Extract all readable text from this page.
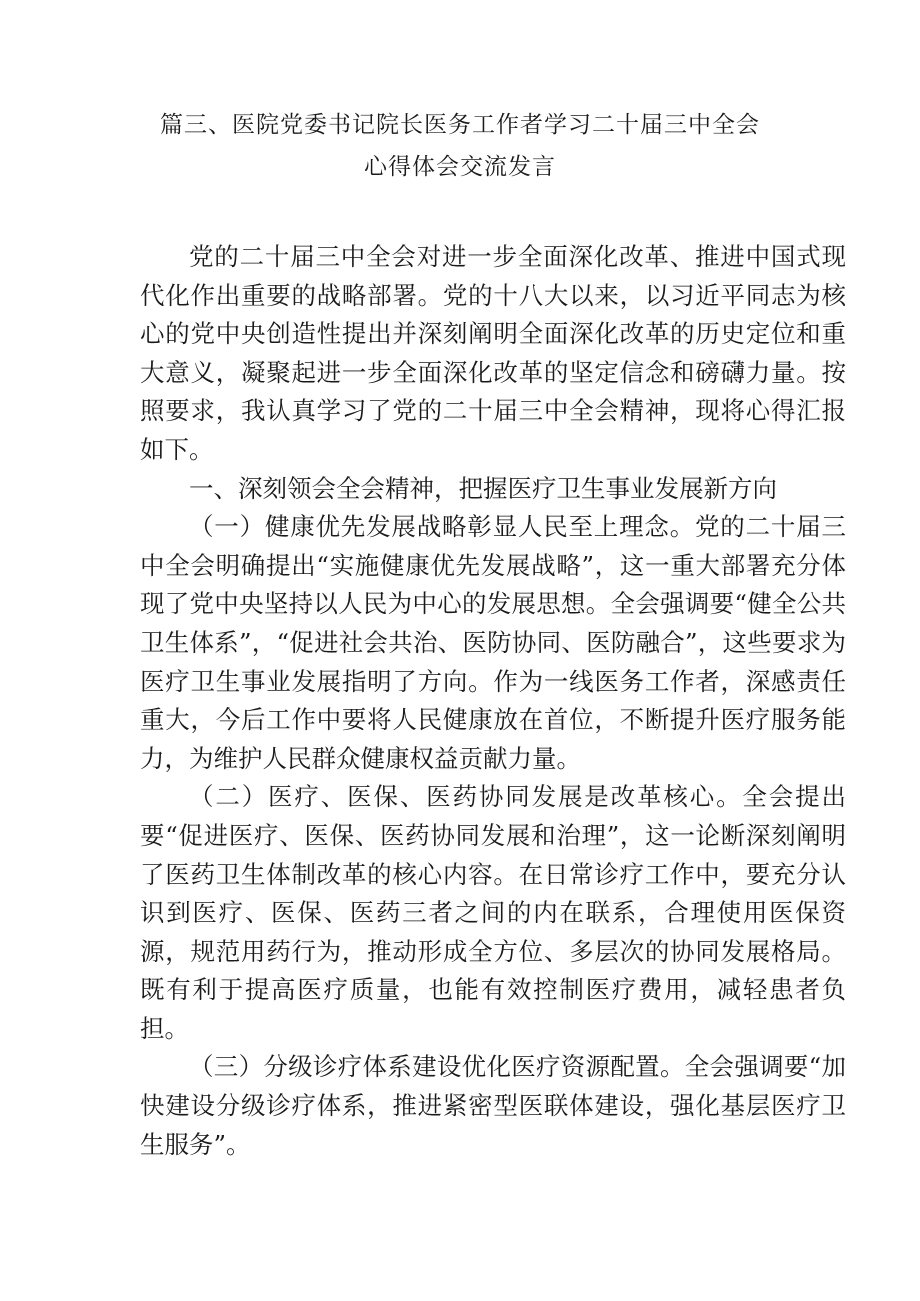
篇三、医院党委书记院长医务工作者学习二十届三中全会
心得体会交流发言

党的二十届三中全会对进一步全面深化改革、推进中国式现代化作出重要的战略部署。党的十八大以来，以习近平同志为核心的党中央创造性提出并深刻阐明全面深化改革的历史定位和重大意义，凝聚起进一步全面深化改革的坚定信念和磅礴力量。按照要求，我认真学习了党的二十届三中全会精神，现将心得汇报如下。

一、深刻领会全会精神，把握医疗卫生事业发展新方向

（一）健康优先发展战略彰显人民至上理念。党的二十届三中全会明确提出“实施健康优先发展战略”，这一重大部署充分体现了党中央坚持以人民为中心的发展思想。全会强调要“健全公共卫生体系”，“促进社会共治、医防协同、医防融合”，这些要求为医疗卫生事业发展指明了方向。作为一线医务工作者，深感责任重大，今后工作中要将人民健康放在首位，不断提升医疗服务能力，为维护人民群众健康权益贡献力量。

（二）医疗、医保、医药协同发展是改革核心。全会提出要“促进医疗、医保、医药协同发展和治理”，这一论断深刻阐明了医药卫生体制改革的核心内容。在日常诊疗工作中，要充分认识到医疗、医保、医药三者之间的内在联系，合理使用医保资源，规范用药行为，推动形成全方位、多层次的协同发展格局。既有利于提高医疗质量，也能有效控制医疗费用，减轻患者负担。

（三）分级诊疗体系建设优化医疗资源配置。全会强调要“加快建设分级诊疗体系，推进紧密型医联体建设，强化基层医疗卫生服务”。
